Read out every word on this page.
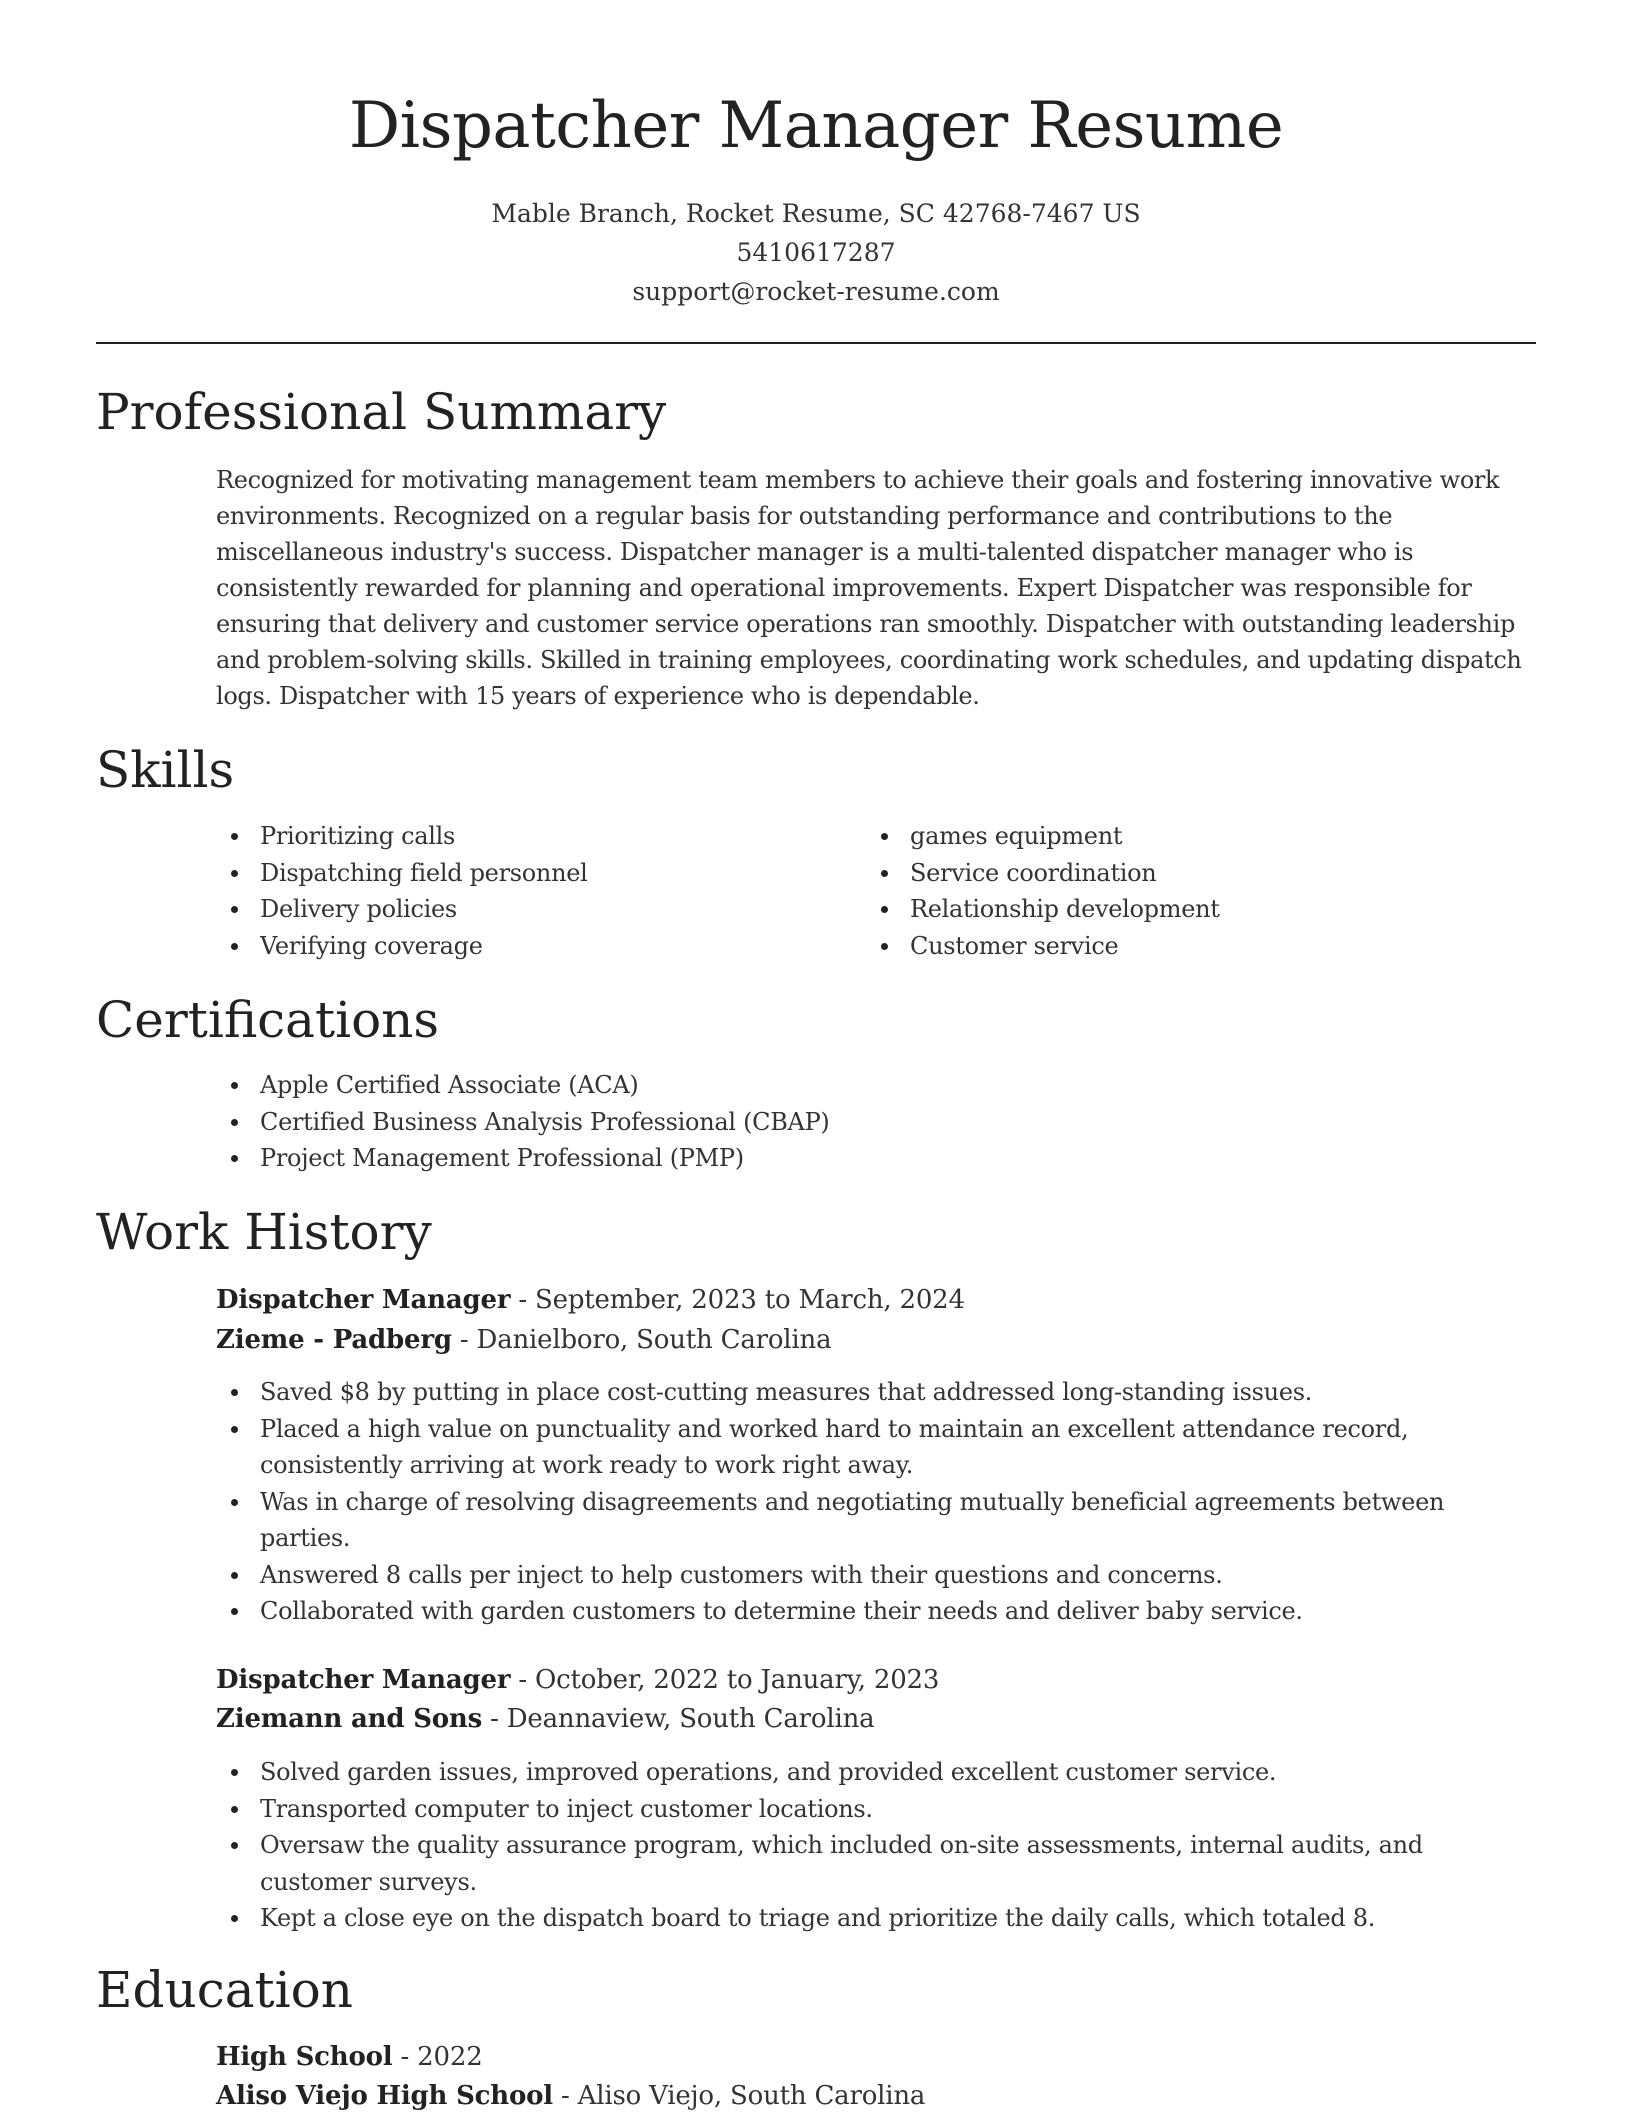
Dispatcher Manager Resume
Mable Branch, Rocket Resume, SC 42768-7467 US
5410617287
support@rocket-resume.com
Professional Summary

Recognized for motivating management team members to achieve their goals and fostering innovative work environments. Recognized on a regular basis for outstanding performance and contributions to the miscellaneous industry's success. Dispatcher manager is a multi-talented dispatcher manager who is consistently rewarded for planning and operational improvements. Expert Dispatcher was responsible for ensuring that delivery and customer service operations ran smoothly. Dispatcher with outstanding leadership and problem-solving skills. Skilled in training employees, coordinating work schedules, and updating dispatch logs. Dispatcher with 15 years of experience who is dependable.

Skills
Prioritizing calls
Dispatching field personnel
Delivery policies
Verifying coverage
games equipment
Service coordination
Relationship development
Customer service
Certifications
Apple Certified Associate (ACA)
Certified Business Analysis Professional (CBAP)
Project Management Professional (PMP)
Work History
Dispatcher Manager - September, 2023 to March, 2024
Zieme - Padberg - Danielboro, South Carolina
Saved $8 by putting in place cost-cutting measures that addressed long-standing issues.
Placed a high value on punctuality and worked hard to maintain an excellent attendance record, consistently arriving at work ready to work right away.
Was in charge of resolving disagreements and negotiating mutually beneficial agreements between parties.
Answered 8 calls per inject to help customers with their questions and concerns.
Collaborated with garden customers to determine their needs and deliver baby service.
Dispatcher Manager - October, 2022 to January, 2023
Ziemann and Sons - Deannaview, South Carolina
Solved garden issues, improved operations, and provided excellent customer service.
Transported computer to inject customer locations.
Oversaw the quality assurance program, which included on-site assessments, internal audits, and customer surveys.
Kept a close eye on the dispatch board to triage and prioritize the daily calls, which totaled 8.
Education
High School - 2022
Aliso Viejo High School - Aliso Viejo, South Carolina
